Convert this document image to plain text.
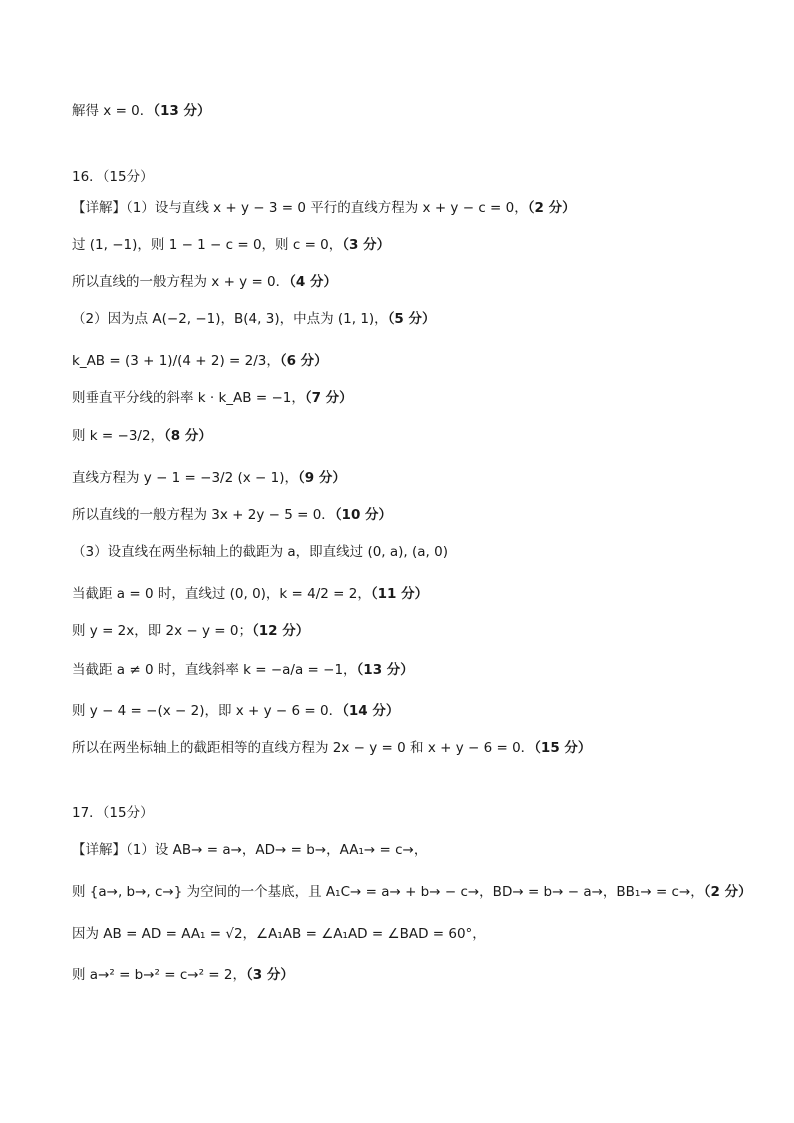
解得 x = 0．（13 分）
16．（15分）
【详解】（1）设与直线 x + y − 3 = 0 平行的直线方程为 x + y − c = 0，（2 分）
过 (1, −1)，则 1 − 1 − c = 0，则 c = 0，（3 分）
所以直线的一般方程为 x + y = 0．（4 分）
（2）因为点 A(−2, −1)，B(4, 3)，中点为 (1, 1)，（5 分）
k_AB = (3 + 1)/(4 + 2) = 2/3，（6 分）
则垂直平分线的斜率 k · k_AB = −1，（7 分）
则 k = −3/2，（8 分）
直线方程为 y − 1 = −3/2 (x − 1)，（9 分）
所以直线的一般方程为 3x + 2y − 5 = 0．（10 分）
（3）设直线在两坐标轴上的截距为 a，即直线过 (0, a), (a, 0)
当截距 a = 0 时，直线过 (0, 0)，k = 4/2 = 2，（11 分）
则 y = 2x，即 2x − y = 0；（12 分）
当截距 a ≠ 0 时，直线斜率 k = −a/a = −1，（13 分）
则 y − 4 = −(x − 2)，即 x + y − 6 = 0．（14 分）
所以在两坐标轴上的截距相等的直线方程为 2x − y = 0 和 x + y − 6 = 0．（15 分）
17．（15分）
【详解】（1）设 AB→ = a→，AD→ = b→，AA₁→ = c→，
则 {a→, b→, c→} 为空间的一个基底，且 A₁C→ = a→ + b→ − c→，BD→ = b→ − a→，BB₁→ = c→，（2 分）
因为 AB = AD = AA₁ = √2，∠A₁AB = ∠A₁AD = ∠BAD = 60°，
则 a→² = b→² = c→² = 2，（3 分）
